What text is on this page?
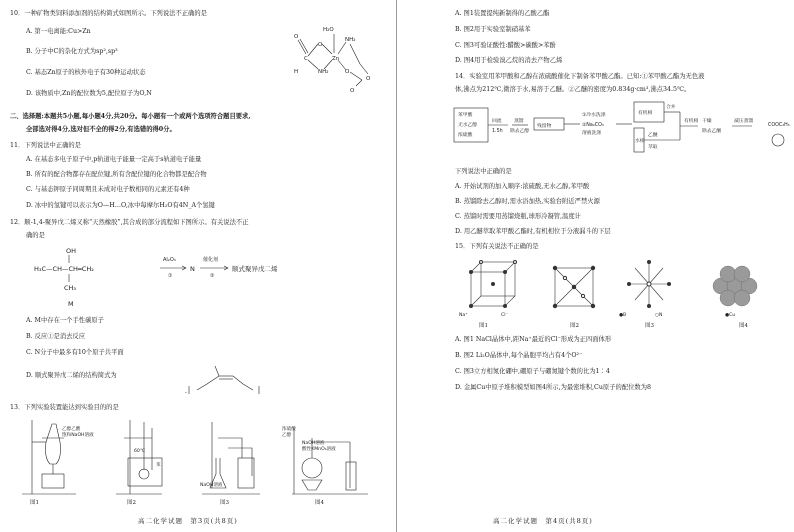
10．一种矿物类饲料添加剂的结构简式如图所示。下列说法不正确的是
A. 第一电离能:Cu>Zn
B. 分子中C的杂化方式为sp²,sp³
C. 基态Zn原子的核外电子有30种运动状态
D. 该物质中,Zn的配位数为5,配位原子为O,N
H₂O
NH₂
Zn
O
H
C
NH₂
O
O
O
O
二、选择题:本题共5小题,每小题4分,共20分。每小题有一个或两个选项符合题目要求,
全部选对得4分,选对但不全的得2分,有选错的得0分。
11．下列说法中正确的是
A. 在基态多电子原子中,p轨道电子能量一定高于s轨道电子能量
B. 所有的配合物都存在配位键,所有含配位键的化合物都是配合物
C. 与基态钾原子同周期且未成对电子数相同的元素还有4种
D. 冰中的氢键可以表示为O—H…O,冰中每摩尔H₂O有4N_A个氢键
12．顺-1,4-聚异戊二烯又称“天然橡胶”,其合成的部分流程如下图所示。有关说法不正
确的是
OH
H₃C—CH—CH═CH₂
CH₃
M
Al₂O₃
①
N
催化剂
②
顺式聚异戊二烯
A. M中存在一个手性碳原子
B. 反应①是消去反应
C. N分子中最多有10个原子共平面
D. 顺式聚异戊二烯的结构简式为
-
13．下列实验装置能达到实验目的的是
乙醇乙酸
饱和NaOH溶液
60℃
苯
NaOH溶液
浓硫酸
乙醇
NaOH溶液
酸性KMnO₄溶液
图1	图2	图3	图4
高二化学试题　第3页(共8页)
A. 图1装置提纯新制得的乙酸乙酯
B. 图2用于实验室制硝基苯
C. 图3可验证酸性:醋酸>碳酸>苯酚
D. 图4用于检验溴乙烷的消去产物乙烯
14．实验室用苯甲酸和乙醇在浓硫酸催化下制备苯甲酸乙酯。已知:①苯甲酸乙酯为无色液
体,沸点为212℃,微溶于水,易溶于乙醚。②乙醚的密度为0.834g·cm³,沸点34.5℃。
苯甲酸
无水乙醇
浓硫酸
回流
1.5h
蒸馏
除去乙醇
残留物
①冷水洗涤
②Na₂CO₃
溶液洗涤
有机相
水相
乙醚
萃取
合并
有机相 干燥
除去乙醚
减压蒸馏
COOC₂H₅
下列说法中正确的是
A. 开始试剂的加入顺序:浓硫酸,无水乙醇,苯甲酸
B. 蒸馏除去乙醇时,需水浴加热,实验台附近严禁火源
C. 蒸馏时需要用蒸馏烧瓶,球形冷凝管,温度计
D. 用乙醚萃取苯甲酸乙酯时,有机相位于分液漏斗的下层
15．下列有关说法不正确的是
Na⁺	Cl⁻	●B	○N	●Cu
图1	图2	图3	图4
A. 图1 NaCl晶体中,距Na⁺最近的Cl⁻形成为正四面体形
B. 图2 Li₂O晶体中,每个晶胞平均占有4个O²⁻
C. 图3立方相氮化硼中,硼原子与硼氮键个数的比为1∶4
D. 金属Cu中原子堆积模型如图4所示,为最密堆积,Cu原子的配位数为8
高二化学试题　第4页(共8页)
